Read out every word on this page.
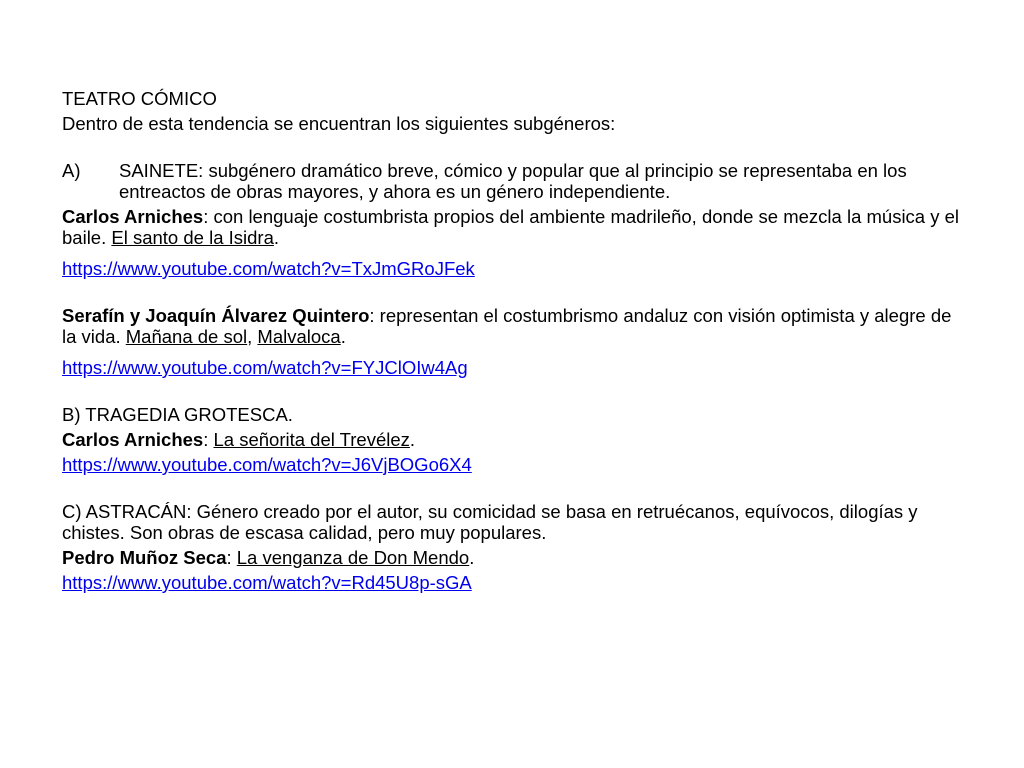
TEATRO CÓMICO

Dentro de esta tendencia se encuentran los siguientes subgéneros:

A)	SAINETE: subgénero dramático breve, cómico y popular que al principio se representaba en los entreactos de obras mayores, y ahora es un género independiente.

Carlos Arniches: con lenguaje costumbrista propios del ambiente madrileño, donde se mezcla la música y el baile. El santo de la Isidra.

https://www.youtube.com/watch?v=TxJmGRoJFek

Serafín y Joaquín Álvarez Quintero: representan el costumbrismo andaluz con visión optimista y alegre de la vida. Mañana de sol, Malvaloca.

https://www.youtube.com/watch?v=FYJClOIw4Ag

B) TRAGEDIA GROTESCA.

Carlos Arniches: La señorita del Trevélez.

https://www.youtube.com/watch?v=J6VjBOGo6X4

C) ASTRACÁN: Género creado por el autor, su comicidad se basa en retruécanos, equívocos, dilogías y chistes. Son obras de escasa calidad, pero muy populares.

Pedro Muñoz Seca: La venganza de Don Mendo.

https://www.youtube.com/watch?v=Rd45U8p-sGA
